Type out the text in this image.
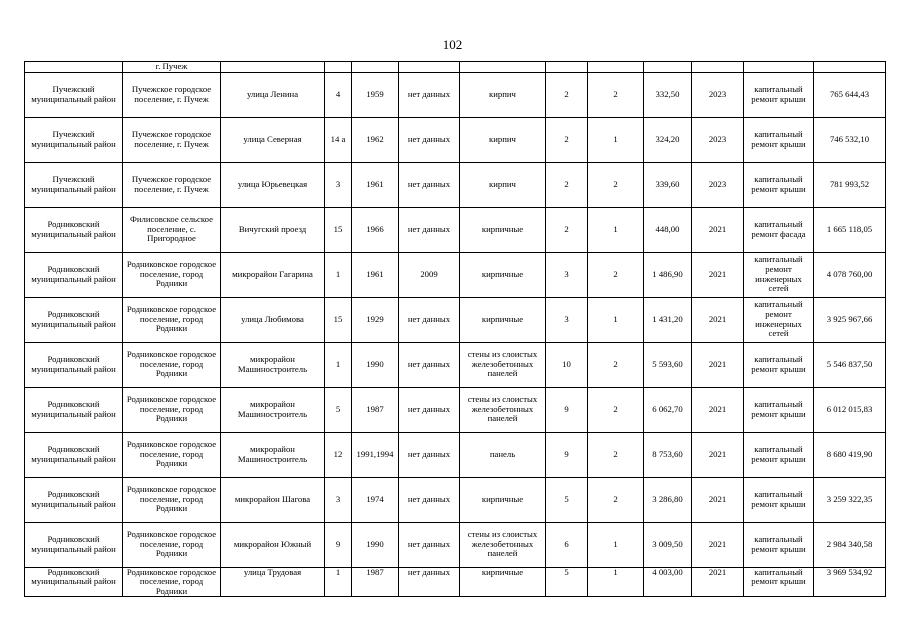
102
	г. Пучеж											
Пучежский муниципальный район	Пучежское городское поселение, г. Пучеж	улица Ленина	4	1959	нет данных	кирпич	2	2	332,50	2023	капитальный ремонт крыши	765 644,43
Пучежский муниципальный район	Пучежское городское поселение, г. Пучеж	улица Северная	14 а	1962	нет данных	кирпич	2	1	324,20	2023	капитальный ремонт крыши	746 532,10
Пучежский муниципальный район	Пучежское городское поселение, г. Пучеж	улица Юрьевецкая	3	1961	нет данных	кирпич	2	2	339,60	2023	капитальный ремонт крыши	781 993,52
Родниковский муниципальный район	Филисовское сельское поселение, с. Пригородное	Вичугский проезд	15	1966	нет данных	кирпичные	2	1	448,00	2021	капитальный ремонт фасада	1 665 118,05
Родниковский муниципальный район	Родниковское городское поселение, город Родники	микрорайон Гагарина	1	1961	2009	кирпичные	3	2	1 486,90	2021	капитальный ремонт инженерных сетей	4 078 760,00
Родниковский муниципальный район	Родниковское городское поселение, город Родники	улица Любимова	15	1929	нет данных	кирпичные	3	1	1 431,20	2021	капитальный ремонт инженерных сетей	3 925 967,66
Родниковский муниципальный район	Родниковское городское поселение, город Родники	микрорайон Машиностроитель	1	1990	нет данных	стены из слоистых железобетонных панелей	10	2	5 593,60	2021	капитальный ремонт крыши	5 546 837,50
Родниковский муниципальный район	Родниковское городское поселение, город Родники	микрорайон Машиностроитель	5	1987	нет данных	стены из слоистых железобетонных панелей	9	2	6 062,70	2021	капитальный ремонт крыши	6 012 015,83
Родниковский муниципальный район	Родниковское городское поселение, город Родники	микрорайон Машиностроитель	12	1991,1994	нет данных	панель	9	2	8 753,60	2021	капитальный ремонт крыши	8 680 419,90
Родниковский муниципальный район	Родниковское городское поселение, город Родники	микрорайон Шагова	3	1974	нет данных	кирпичные	5	2	3 286,80	2021	капитальный ремонт крыши	3 259 322,35
Родниковский муниципальный район	Родниковское городское поселение, город Родники	микрорайон Южный	9	1990	нет данных	стены из слоистых железобетонных панелей	6	1	3 009,50	2021	капитальный ремонт крыши	2 984 340,58
Родниковский муниципальный район	Родниковское городское поселение, город Родники	улица Трудовая	1	1987	нет данных	кирпичные	5	1	4 003,00	2021	капитальный ремонт крыши	3 969 534,92
